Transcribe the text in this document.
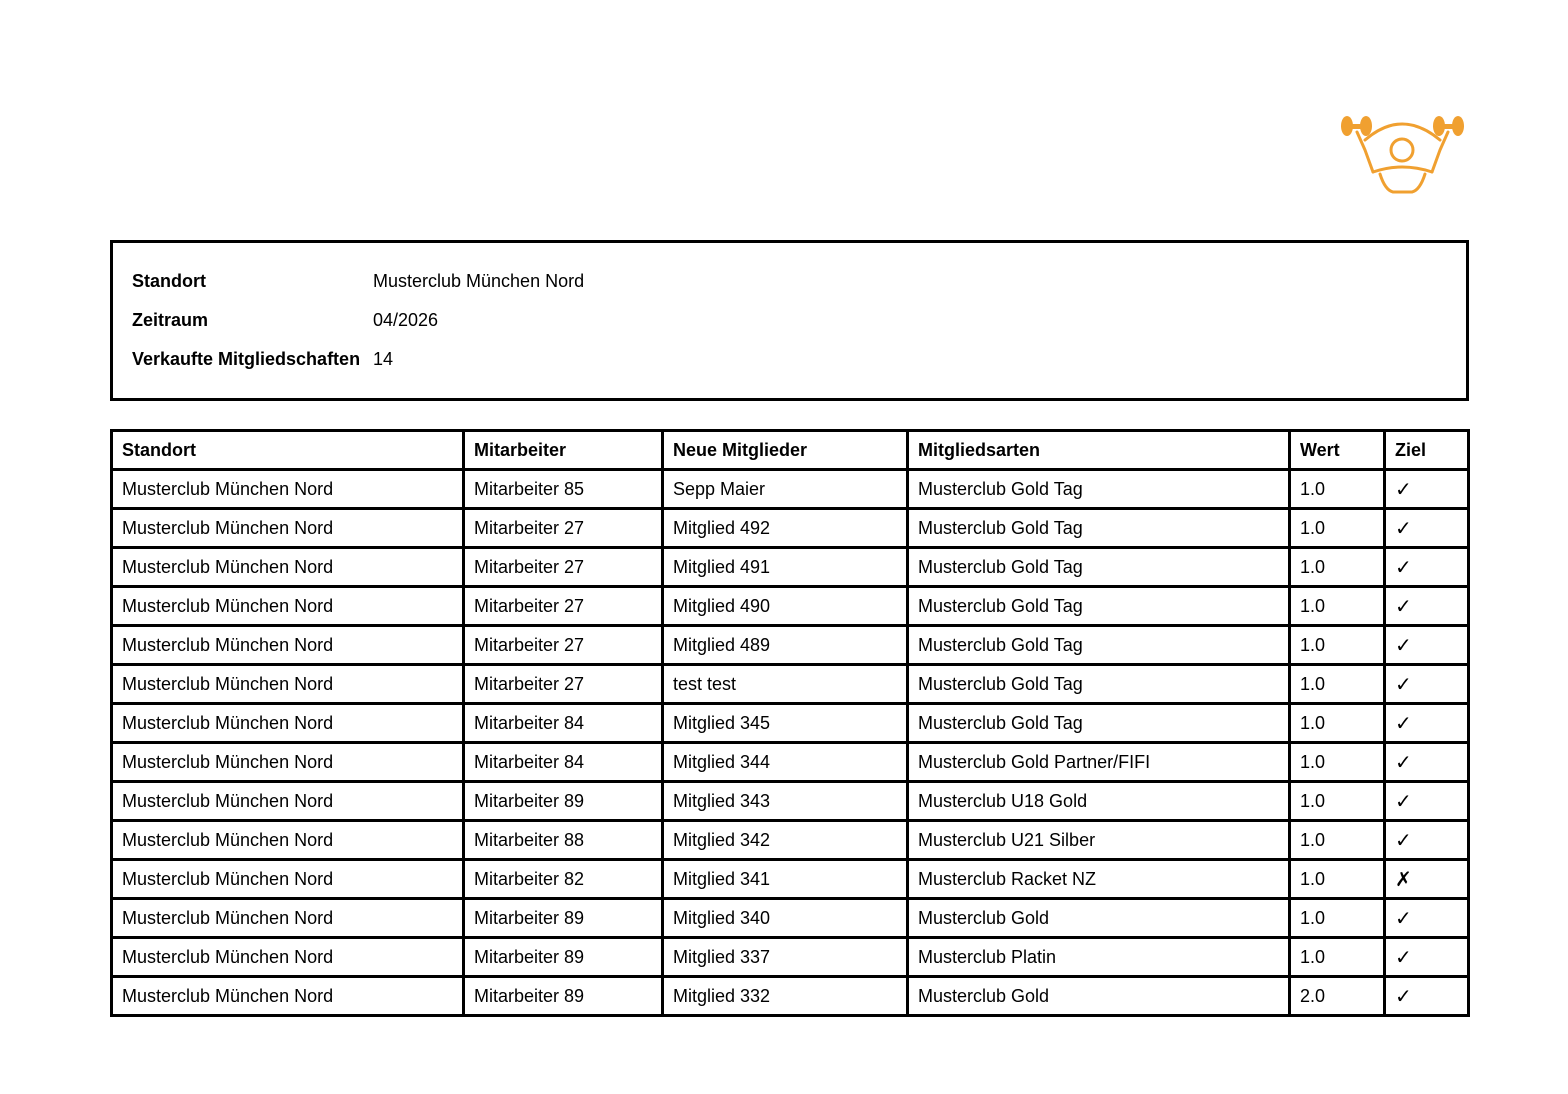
Standort	Musterclub München Nord
Zeitraum	04/2026
Verkaufte Mitgliedschaften 14
Standort	Mitarbeiter	Neue Mitglieder	Mitgliedsarten	Wert	Ziel
Musterclub München Nord	Mitarbeiter 85	Sepp Maier	Musterclub Gold Tag	1.0	✓
Musterclub München Nord	Mitarbeiter 27	Mitglied 492	Musterclub Gold Tag	1.0	✓
Musterclub München Nord	Mitarbeiter 27	Mitglied 491	Musterclub Gold Tag	1.0	✓
Musterclub München Nord	Mitarbeiter 27	Mitglied 490	Musterclub Gold Tag	1.0	✓
Musterclub München Nord	Mitarbeiter 27	Mitglied 489	Musterclub Gold Tag	1.0	✓
Musterclub München Nord	Mitarbeiter 27	test test	Musterclub Gold Tag	1.0	✓
Musterclub München Nord	Mitarbeiter 84	Mitglied 345	Musterclub Gold Tag	1.0	✓
Musterclub München Nord	Mitarbeiter 84	Mitglied 344	Musterclub Gold Partner/FIFI	1.0	✓
Musterclub München Nord	Mitarbeiter 89	Mitglied 343	Musterclub U18 Gold	1.0	✓
Musterclub München Nord	Mitarbeiter 88	Mitglied 342	Musterclub U21 Silber	1.0	✓
Musterclub München Nord	Mitarbeiter 82	Mitglied 341	Musterclub Racket NZ	1.0	✗
Musterclub München Nord	Mitarbeiter 89	Mitglied 340	Musterclub Gold	1.0	✓
Musterclub München Nord	Mitarbeiter 89	Mitglied 337	Musterclub Platin	1.0	✓
Musterclub München Nord	Mitarbeiter 89	Mitglied 332	Musterclub Gold	2.0	✓
